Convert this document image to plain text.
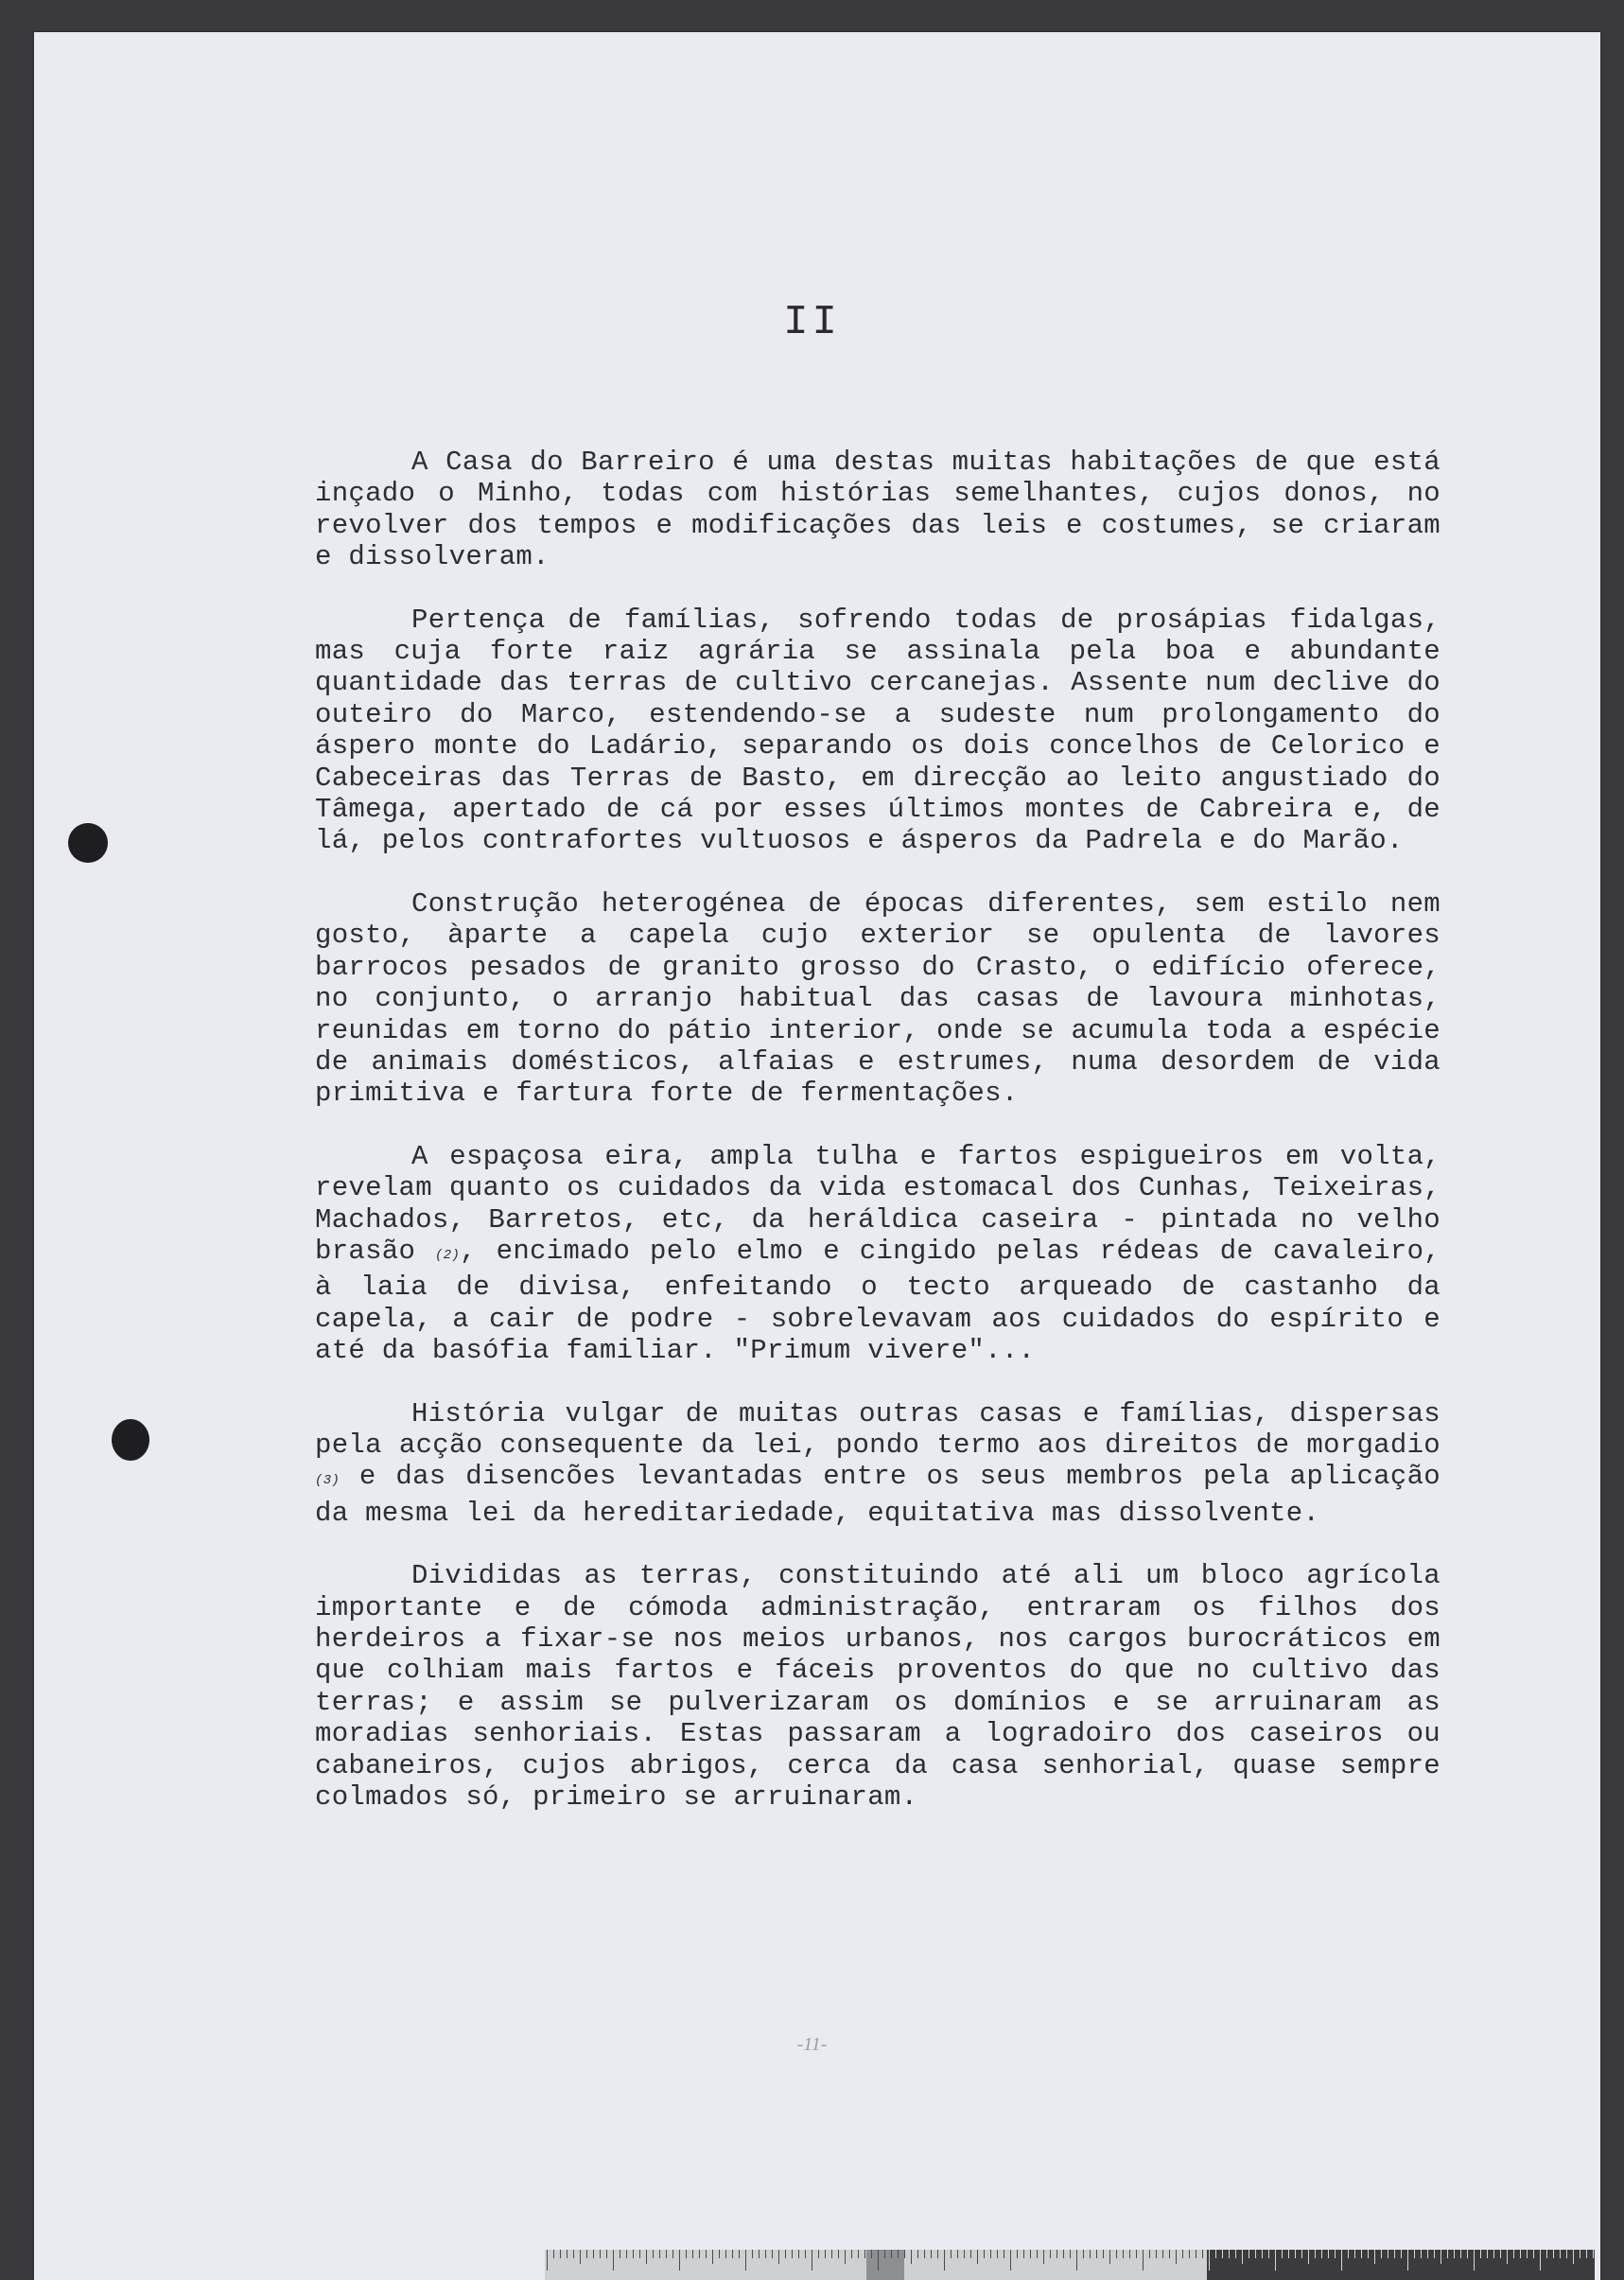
II

A Casa do Barreiro é uma destas muitas habitações de que está inçado o Minho, todas com histórias semelhantes, cujos donos, no revolver dos tempos e modificações das leis e costumes, se criaram e dissolveram.

Pertença de famílias, sofrendo todas de prosápias fidalgas, mas cuja forte raiz agrária se assinala pela boa e abundante quantidade das terras de cultivo cercanejas. Assente num declive do outeiro do Marco, estendendo-se a sudeste num prolongamento do áspero monte do Ladário, separando os dois concelhos de Celorico e Cabeceiras das Terras de Basto, em direcção ao leito angustiado do Tâmega, apertado de cá por esses últimos montes de Cabreira e, de lá, pelos contrafortes vultuosos e ásperos da Padrela e do Marão.

Construção heterogénea de épocas diferentes, sem estilo nem gosto, àparte a capela cujo exterior se opulenta de lavores barrocos pesados de granito grosso do Crasto, o edifício oferece, no conjunto, o arranjo habitual das casas de lavoura minhotas, reunidas em torno do pátio interior, onde se acumula toda a espécie de animais domésticos, alfaias e estrumes, numa desordem de vida primitiva e fartura forte de fermentações.

A espaçosa eira, ampla tulha e fartos espigueiros em volta, revelam quanto os cuidados da vida estomacal dos Cunhas, Teixeiras, Machados, Barretos, etc, da heráldica caseira - pintada no velho brasão (2), encimado pelo elmo e cingido pelas rédeas de cavaleiro, à laia de divisa, enfeitando o tecto arqueado de castanho da capela, a cair de podre - sobrelevavam aos cuidados do espírito e até da basófia familiar. "Primum vivere"...

História vulgar de muitas outras casas e famílias, dispersas pela acção consequente da lei, pondo termo aos direitos de morgadio (3) e das disencões levantadas entre os seus membros pela aplicação da mesma lei da hereditariedade, equitativa mas dissolvente.

Divididas as terras, constituindo até ali um bloco agrícola importante e de cómoda administração, entraram os filhos dos herdeiros a fixar-se nos meios urbanos, nos cargos burocráticos em que colhiam mais fartos e fáceis proventos do que no cultivo das terras; e assim se pulverizaram os domínios e se arruinaram as moradias senhoriais. Estas passaram a logradoiro dos caseiros ou cabaneiros, cujos abrigos, cerca da casa senhorial, quase sempre colmados só, primeiro se arruinaram.

-11-
